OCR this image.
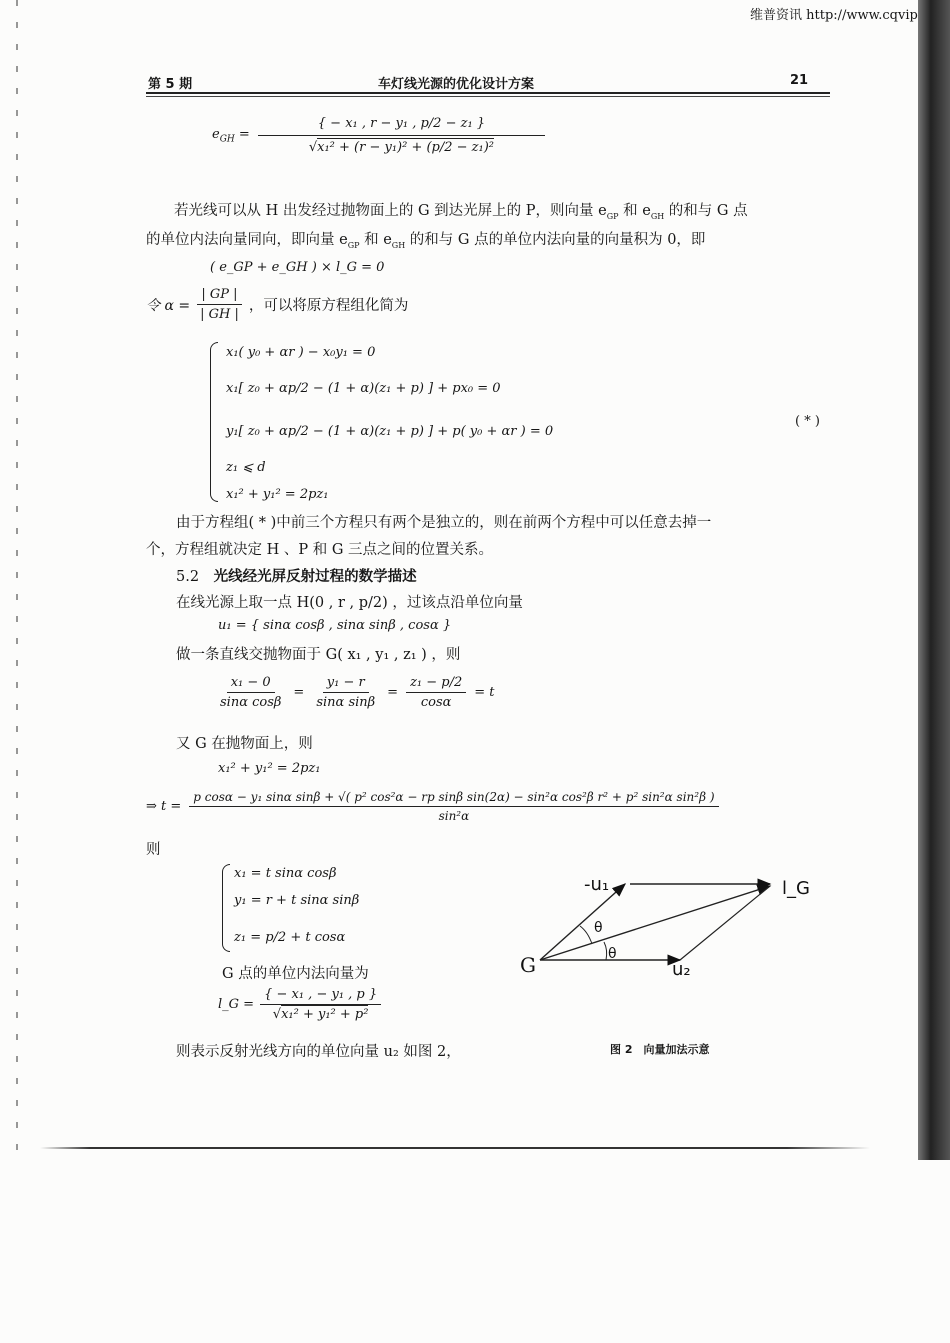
维普资讯 http://www.cqvip
第 5 期	车灯线光源的优化设计方案	21
$e_{GH} = \frac{\text{\{ − x₁ , r − y₁ , p/2 − z₁ \}}}{\text{√x₁² + (r − y₁)² + (p/2 − z₁)²}}$
若光线可以从 H 出发经过抛物面上的 G 到达光屏上的 P，则向量 $e_{GP}$ 和 $e_{GH}$ 的和与 G 点
的单位内法向量同向，即向量 $e_{GP}$ 和 $e_{GH}$ 的和与 G 点的单位内法向量的向量积为 0，即
( e_GP + e_GH ) × l_G = 0
令 $\alpha = \frac{| GP |}{| GH |}$ ，可以将原方程组化简为
x₁( y₀ + αr ) − x₀y₁ = 0
x₁[ z₀ + αp/2 − (1 + α)(z₁ + p) ] + px₀ = 0
y₁[ z₀ + αp/2 − (1 + α)(z₁ + p) ] + p( y₀ + αr ) = 0
z₁ ⩽ d
x₁² + y₁² = 2pz₁
( * )
由于方程组( * )中前三个方程只有两个是独立的，则在前两个方程中可以任意去掉一
个，方程组就决定 H 、P 和 G 三点之间的位置关系。
5.2 光线经光屏反射过程的数学描述
在线光源上取一点 H(0 , r , p/2) ，过该点沿单位向量
u₁ = { sinα cosβ , sinα sinβ , cosα }
做一条直线交抛物面于 G( x₁ , y₁ , z₁ ) ，则
$\frac{\text{x₁ − 0}}{\text{sinα cosβ}} = \frac{\text{y₁ − r}}{\text{sinα sinβ}} = \frac{\text{z₁ − p/2}}{\cos\alpha} = t$
又 G 在抛物面上，则
x₁² + y₁² = 2pz₁
⇒ t =
p cosα − y₁ sinα sinβ + √( p² cos²α − rp sinβ sin(2α) − sin²α cos²β r² + p² sin²α sin²β )
sin²α
则
x₁ = t sinα cosβ
y₁ = r + t sinα sinβ
z₁ = p/2 + t cosα
G 点的单位内法向量为
l_G = $\frac{\text{\{ − x₁ , − y₁ , p \}}}{\text{√x₁² + y₁² + p²}}$
则表示反射光线方向的单位向量 u₂ 如图 2，
-u₁	l_G
u₂
G
θ
θ
图 2　向量加法示意
